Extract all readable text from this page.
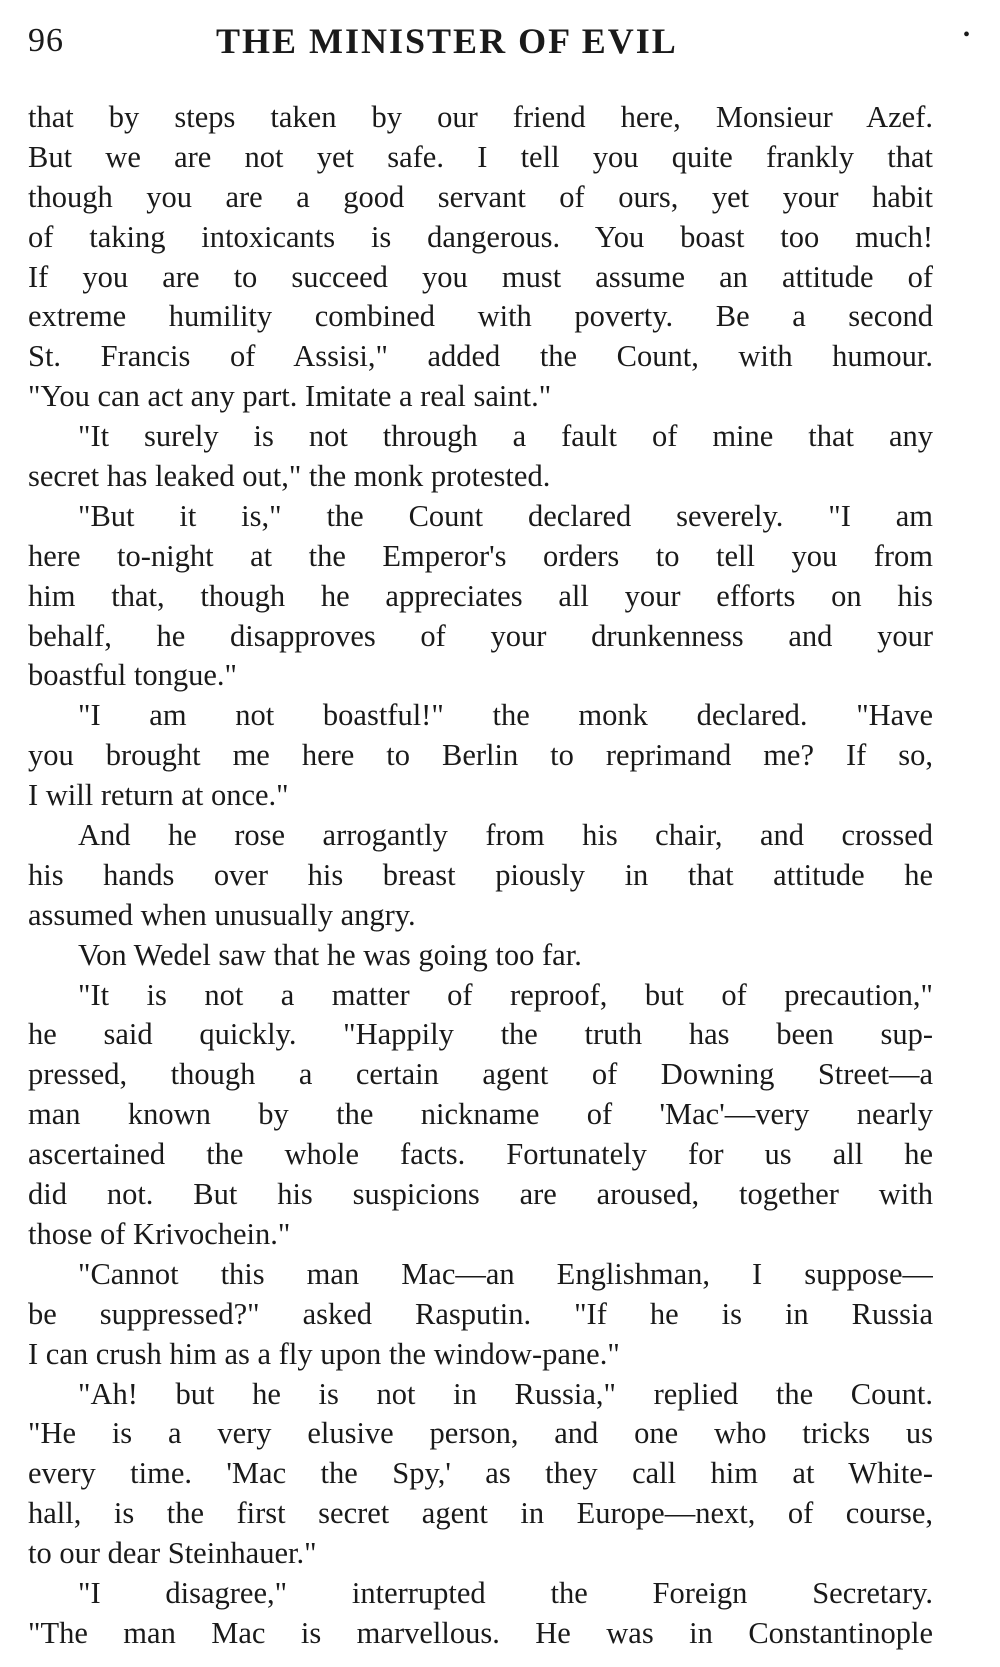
96	THE MINISTER OF EVIL	•
that by steps taken by our friend here, Monsieur Azef.
But we are not yet safe. I tell you quite frankly that
though you are a good servant of ours, yet your habit
of taking intoxicants is dangerous. You boast too much!
If you are to succeed you must assume an attitude of
extreme humility combined with poverty. Be a second
St. Francis of Assisi," added the Count, with humour.
"You can act any part. Imitate a real saint."
"It surely is not through a fault of mine that any
secret has leaked out," the monk protested.
"But it is," the Count declared severely. "I am
here to-night at the Emperor's orders to tell you from
him that, though he appreciates all your efforts on his
behalf, he disapproves of your drunkenness and your
boastful tongue."
"I am not boastful!" the monk declared. "Have
you brought me here to Berlin to reprimand me? If so,
I will return at once."
And he rose arrogantly from his chair, and crossed
his hands over his breast piously in that attitude he
assumed when unusually angry.
Von Wedel saw that he was going too far.
"It is not a matter of reproof, but of precaution,"
he said quickly. "Happily the truth has been sup-
pressed, though a certain agent of Downing Street—a
man known by the nickname of 'Mac'—very nearly
ascertained the whole facts. Fortunately for us all he
did not. But his suspicions are aroused, together with
those of Krivochein."
"Cannot this man Mac—an Englishman, I suppose—
be suppressed?" asked Rasputin. "If he is in Russia
I can crush him as a fly upon the window-pane."
"Ah! but he is not in Russia," replied the Count.
"He is a very elusive person, and one who tricks us
every time. 'Mac the Spy,' as they call him at White-
hall, is the first secret agent in Europe—next, of course,
to our dear Steinhauer."
"I disagree," interrupted the Foreign Secretary.
"The man Mac is marvellous. He was in Constantinople
